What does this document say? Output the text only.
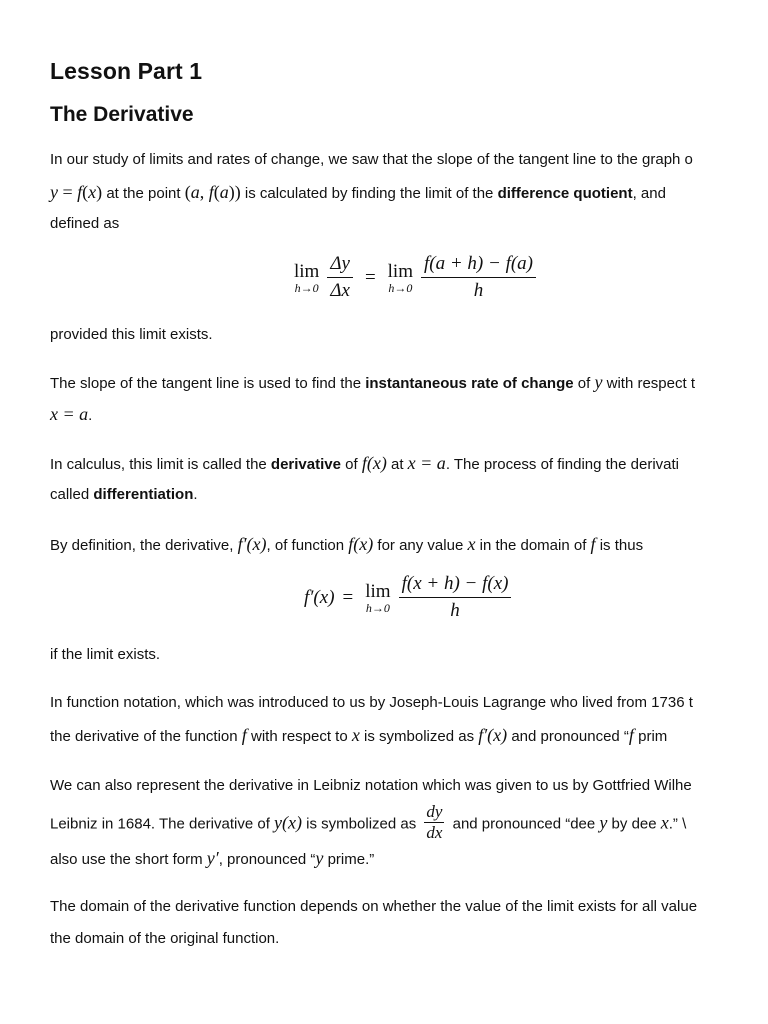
Lesson Part 1
The Derivative
In our study of limits and rates of change, we saw that the slope of the tangent line to the graph o
y = f(x) at the point (a, f(a)) is calculated by finding the limit of the difference quotient, and
defined as
lim
$h\to 0 \frac{\Delta y}{\Delta x} = \lim$
$h\to 0 \frac{f(a + h) - f(a)}{h}$
provided this limit exists.
The slope of the tangent line is used to find the instantaneous rate of change of y with respect t
x = a.
In calculus, this limit is called the derivative of f(x) at x = a. The process of finding the derivati
called differentiation.
By definition, the derivative, f′(x), of function f(x) for any value x in the domain of f is thus
f′(x) = lim
$h\to 0 \frac{f(x + h) - f(x)}{h}$
if the limit exists.
In function notation, which was introduced to us by Joseph-Louis Lagrange who lived from 1736 t
the derivative of the function f with respect to x is symbolized as f′(x) and pronounced “f prim
We can also represent the derivative in Leibniz notation which was given to us by Gottfried Wilhe
Leibniz in 1684. The derivative of y(x) is symbolized as $\frac{dy}{dx}$ and pronounced “dee y by dee x.” \
also use the short form y′, pronounced “y prime.”
The domain of the derivative function depends on whether the value of the limit exists for all value
the domain of the original function.
